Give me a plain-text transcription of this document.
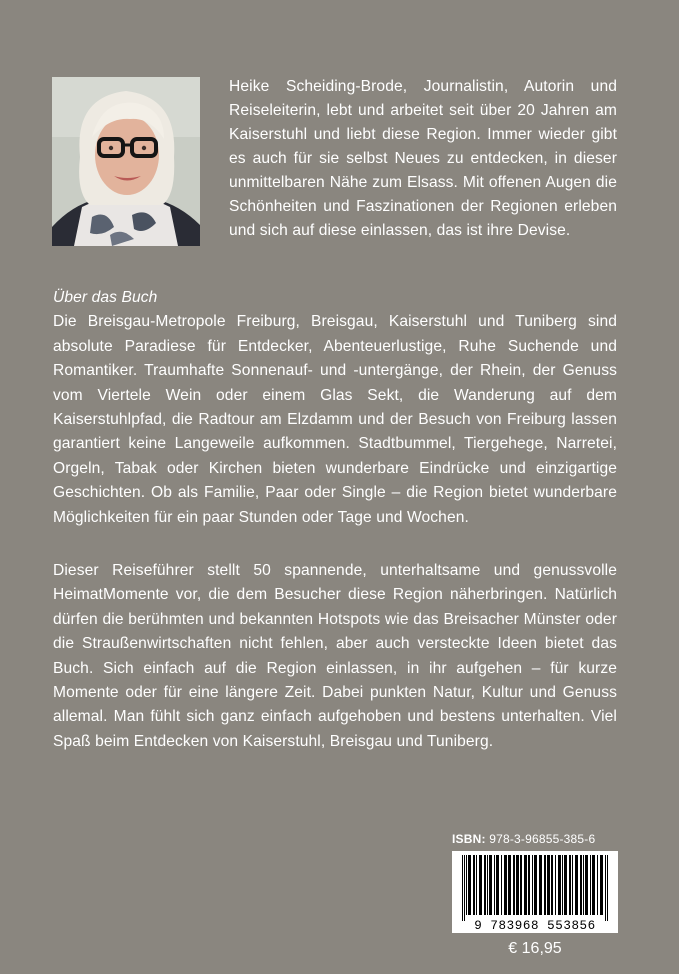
Heike Scheiding-Brode, Journalistin, Autorin und Reiseleiterin, lebt und arbeitet seit über 20 Jahren am Kaiserstuhl und liebt diese Region. Immer wieder gibt es auch für sie selbst Neues zu entdecken, in dieser unmittelbaren Nähe zum Elsass. Mit offenen Augen die Schönheiten und Faszinationen der Regionen erleben und sich auf diese einlassen, das ist ihre Devise.
Über das Buch
Die Breisgau-Metropole Freiburg, Breisgau, Kaiserstuhl und Tuniberg sind absolute Paradiese für Entdecker, Abenteuerlustige, Ruhe Suchende und Romantiker. Traumhafte Sonnenauf- und -untergänge, der Rhein, der Genuss vom Viertele Wein oder einem Glas Sekt, die Wanderung auf dem Kaiserstuhlpfad, die Radtour am Elzdamm und der Besuch von Freiburg lassen garantiert keine Langeweile aufkommen. Stadtbummel, Tiergehege, Narretei, Orgeln, Tabak oder Kirchen bieten wunderbare Eindrücke und einzigartige Geschichten. Ob als Familie, Paar oder Single – die Region bietet wunderbare Möglichkeiten für ein paar Stunden oder Tage und Wochen.
Dieser Reiseführer stellt 50 spannende, unterhaltsame und genussvolle HeimatMomente vor, die dem Besucher diese Region näherbringen. Natürlich dürfen die berühmten und bekannten Hotspots wie das Breisacher Münster oder die Straußenwirtschaften nicht fehlen, aber auch versteckte Ideen bietet das Buch. Sich einfach auf die Region einlassen, in ihr aufgehen – für kurze Momente oder für eine längere Zeit. Dabei punkten Natur, Kultur und Genuss allemal. Man fühlt sich ganz einfach aufgehoben und bestens unterhalten. Viel Spaß beim Entdecken von Kaiserstuhl, Breisgau und Tuniberg.
ISBN: 978-3-96855-385-6
9 783968 553856
€ 16,95
